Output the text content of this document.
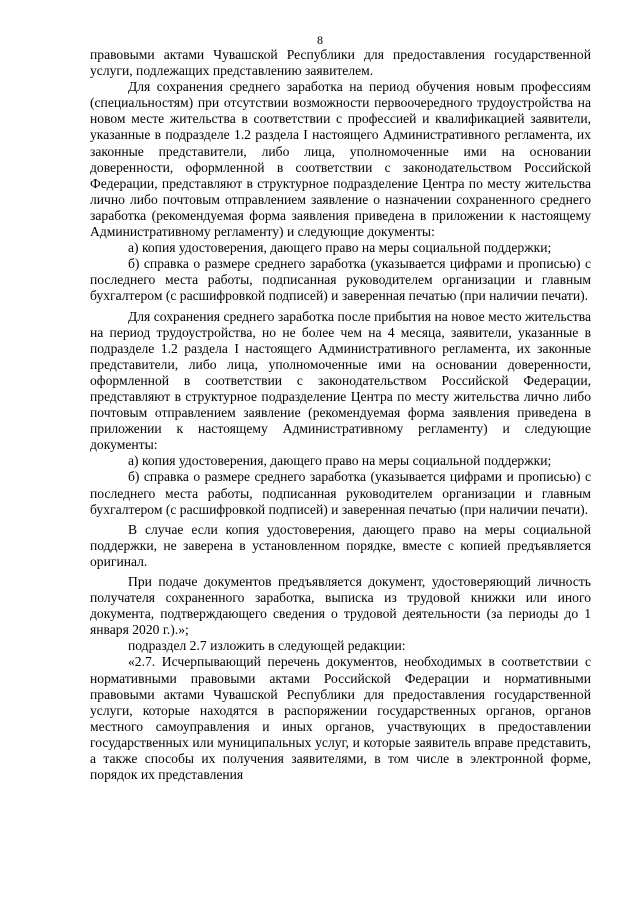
8

правовыми актами Чувашской Республики для предоставления государственной услуги, подлежащих представлению заявителем.

Для сохранения среднего заработка на период обучения новым профессиям (специальностям) при отсутствии возможности первоочередного трудоустройства на новом месте жительства в соответствии с профессией и квалификацией заявители, указанные в подразделе 1.2 раздела I настоящего Административного регламента, их законные представители, либо лица, уполномоченные ими на основании доверенности, оформленной в соответствии с законодательством Российской Федерации, представляют в структурное подразделение Центра по месту жительства лично либо почтовым отправлением заявление о назначении сохраненного среднего заработка (рекомендуемая форма заявления приведена в приложении к настоящему Административному регламенту) и следующие документы:

а) копия удостоверения, дающего право на меры социальной поддержки;

б) справка о размере среднего заработка (указывается цифрами и прописью) с последнего места работы, подписанная руководителем организации и главным бухгалтером (с расшифровкой подписей) и заверенная печатью (при наличии печати).

Для сохранения среднего заработка после прибытия на новое место жительства на период трудоустройства, но не более чем на 4 месяца, заявители, указанные в подразделе 1.2 раздела I настоящего Административного регламента, их законные представители, либо лица, уполномоченные ими на основании доверенности, оформленной в соответствии с законодательством Российской Федерации, представляют в структурное подразделение Центра по месту жительства лично либо почтовым отправлением заявление (рекомендуемая форма заявления приведена в приложении к настоящему Административному регламенту) и следующие документы:

а) копия удостоверения, дающего право на меры социальной поддержки;

б) справка о размере среднего заработка (указывается цифрами и прописью) с последнего места работы, подписанная руководителем организации и главным бухгалтером (с расшифровкой подписей) и заверенная печатью (при наличии печати).

В случае если копия удостоверения, дающего право на меры социальной поддержки, не заверена в установленном порядке, вместе с копией предъявляется оригинал.

При подаче документов предъявляется документ, удостоверяющий личность получателя сохраненного заработка, выписка из трудовой книжки или иного документа, подтверждающего сведения о трудовой деятельности (за периоды до 1 января 2020 г.).»;

подраздел 2.7 изложить в следующей редакции:

«2.7. Исчерпывающий перечень документов, необходимых в соответствии с нормативными правовыми актами Российской Федерации и нормативными правовыми актами Чувашской Республики для предоставления государственной услуги, которые находятся в распоряжении государственных органов, органов местного самоуправления и иных органов, участвующих в предоставлении государственных или муниципальных услуг, и которые заявитель вправе представить, а также способы их получения заявителями, в том числе в электронной форме, порядок их представления
